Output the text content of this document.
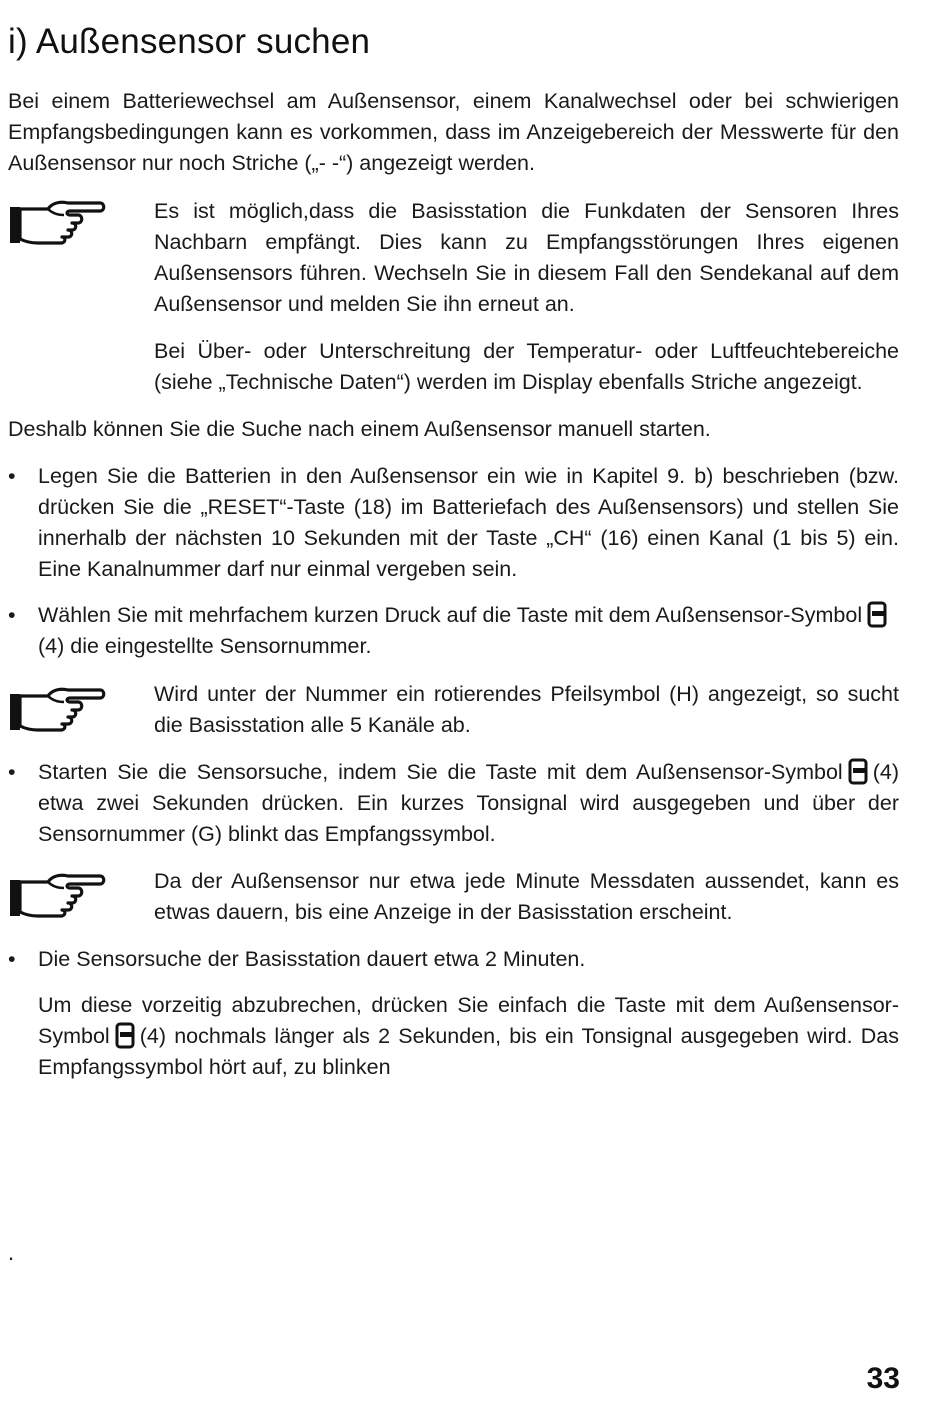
i) Außensensor suchen
Bei einem Batteriewechsel am Außensensor, einem Kanalwechsel oder bei schwierigen Empfangsbedingungen kann es vorkommen, dass im Anzeigebereich der Messwerte für den Außensensor nur noch Striche („- -“) angezeigt werden.
Es ist möglich,dass die Basisstation die Funkdaten der Sensoren Ihres Nachbarn empfängt. Dies kann zu Empfangsstörungen Ihres eigenen Außensensors führen. Wechseln Sie in diesem Fall den Sendekanal auf dem Außensensor und melden Sie ihn erneut an.
Bei Über- oder Unterschreitung der Temperatur- oder Luftfeuchtebereiche (siehe „Technische Daten“) werden im Display ebenfalls Striche angezeigt.
Deshalb können Sie die Suche nach einem Außensensor manuell starten.
• Legen Sie die Batterien in den Außensensor ein wie in Kapitel 9. b) beschrieben (bzw. drücken Sie die „RESET“-Taste (18) im Batteriefach des Außensensors) und stellen Sie innerhalb der nächsten 10 Sekunden mit der Taste „CH“ (16) einen Kanal (1 bis 5) ein. Eine Kanalnummer darf nur einmal vergeben sein.
• Wählen Sie mit mehrfachem kurzen Druck auf die Taste mit dem Außensensor-Symbol
(4) die eingestellte Sensornummer.
Wird unter der Nummer ein rotierendes Pfeilsymbol (H) angezeigt, so sucht die Basisstation alle 5 Kanäle ab.
• Starten Sie die Sensorsuche, indem Sie die Taste mit dem Außensensor-Symbol (4) etwa zwei Sekunden drücken. Ein kurzes Tonsignal wird ausgegeben und über der Sensornummer (G) blinkt das Empfangssymbol.
Da der Außensensor nur etwa jede Minute Messdaten aussendet, kann es etwas dauern, bis eine Anzeige in der Basisstation erscheint.
• Die Sensorsuche der Basisstation dauert etwa 2 Minuten.
Um diese vorzeitig abzubrechen, drücken Sie einfach die Taste mit dem Außensensor-Symbol (4) nochmals länger als 2 Sekunden, bis ein Tonsignal ausgegeben wird. Das Empfangssymbol hört auf, zu blinken
.
33
